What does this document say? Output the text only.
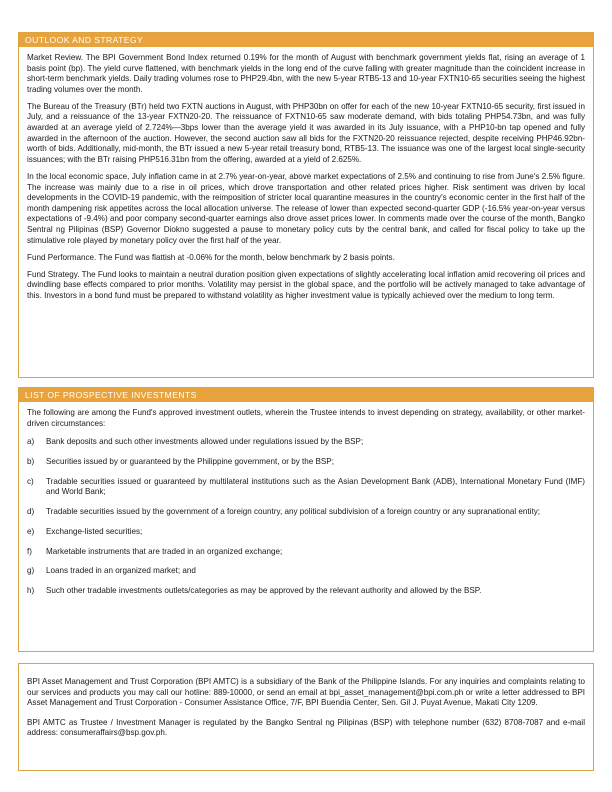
OUTLOOK AND STRATEGY

Market Review. The BPI Government Bond Index returned 0.19% for the month of August with benchmark government yields flat, rising an average of 1 basis point (bp). The yield curve flattened, with benchmark yields in the long end of the curve falling with greater magnitude than the coincident increase in short-term benchmark yields. Daily trading volumes rose to PHP29.4bn, with the new 5-year RTB5-13 and 10-year FXTN10-65 securities seeing the highest trading volumes over the month.

The Bureau of the Treasury (BTr) held two FXTN auctions in August, with PHP30bn on offer for each of the new 10-year FXTN10-65 security, first issued in July, and a reissuance of the 13-year FXTN20-20. The reissuance of FXTN10-65 saw moderate demand, with bids totaling PHP54.73bn, and was fully awarded at an average yield of 2.724%—3bps lower than the average yield it was awarded in its July issuance, with a PHP10-bn tap opened and fully awarded in the afternoon of the auction. However, the second auction saw all bids for the FXTN20-20 reissuance rejected, despite receiving PHP46.92bn-worth of bids. Additionally, mid-month, the BTr issued a new 5-year retail treasury bond, RTB5-13. The issuance was one of the largest local single-security issuances; with the BTr raising PHP516.31bn from the offering, awarded at a yield of 2.625%.

In the local economic space, July inflation came in at 2.7% year-on-year, above market expectations of 2.5% and continuing to rise from June's 2.5% figure. The increase was mainly due to a rise in oil prices, which drove transportation and other related prices higher. Risk sentiment was driven by local developments in the COVID-19 pandemic, with the reimposition of stricter local quarantine measures in the country's economic center in the first half of the month dampening risk appetites across the local allocation universe. The release of lower than expected second-quarter GDP (-16.5% year-on-year versus expectations of -9.4%) and poor company second-quarter earnings also drove asset prices lower. In comments made over the course of the month, Bangko Sentral ng Pilipinas (BSP) Governor Diokno suggested a pause to monetary policy cuts by the central bank, and called for fiscal policy to take up the stimulative role played by monetary policy over the first half of the year.

Fund Performance. The Fund was flattish at -0.06% for the month, below benchmark by 2 basis points.

Fund Strategy. The Fund looks to maintain a neutral duration position given expectations of slightly accelerating local inflation amid recovering oil prices and dwindling base effects compared to prior months. Volatility may persist in the global space, and the portfolio will be actively managed to take advantage of this. Investors in a bond fund must be prepared to withstand volatility as higher investment value is typically achieved over the medium to long term.

LIST OF PROSPECTIVE INVESTMENTS

The following are among the Fund's approved investment outlets, wherein the Trustee intends to invest depending on strategy, availability, or other market-driven circumstances:

a)	Bank deposits and such other investments allowed under regulations issued by the BSP;
b)	Securities issued by or guaranteed by the Philippine government, or by the BSP;
c)	Tradable securities issued or guaranteed by multilateral institutions such as the Asian Development Bank (ADB), International Monetary Fund (IMF) and World Bank;
d)	Tradable securities issued by the government of a foreign country, any political subdivision of a foreign country or any supranational entity;
e)	Exchange-listed securities;
f)	Marketable instruments that are traded in an organized exchange;
g)	Loans traded in an organized market; and
h)	Such other tradable investments outlets/categories as may be approved by the relevant authority and allowed by the BSP.

BPI Asset Management and Trust Corporation (BPI AMTC) is a subsidiary of the Bank of the Philippine Islands. For any inquiries and complaints relating to our services and products you may call our hotline: 889-10000, or send an email at bpi_asset_management@bpi.com.ph or write a letter addressed to BPI Asset Management and Trust Corporation - Consumer Assistance Office, 7/F, BPI Buendia Center, Sen. Gil J. Puyat Avenue, Makati City 1209.

BPI AMTC as Trustee / Investment Manager is regulated by the Bangko Sentral ng Pilipinas (BSP) with telephone number (632) 8708-7087 and e-mail address: consumeraffairs@bsp.gov.ph.
